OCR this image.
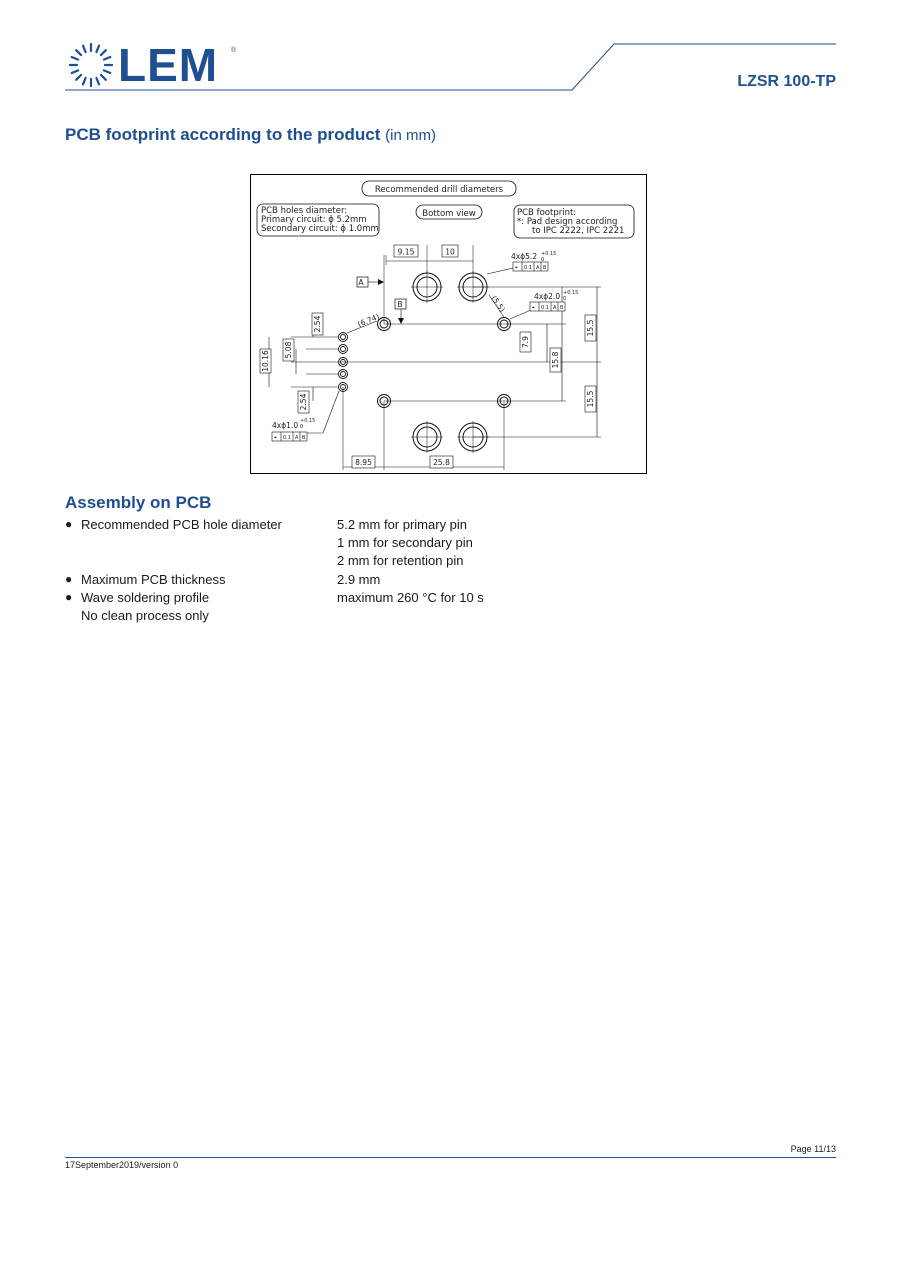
LEM ®
LZSR 100-TP
PCB footprint according to the product (in mm)
Recommended drill diameters
PCB holes diameter:
Primary circuit: ϕ 5.2mm
Secondary circuit: ϕ 1.0mm
Bottom view	PCB footprint:
*: Pad design according
to IPC 2222, IPC 2221
9.15	10
(6.74)
(5.5)
2.54
5.08
10.16
2.54
7.9
15.8
15.5
15.5
8.95	25.8
A
B
4xϕ5.2 +0.15
0
⌖ 0.1 A B
4xϕ2.0 +0.15
0
⌖ 0.1 A B
4xϕ1.0 +0.15
0
⌖ 0.1 A B
Assembly on PCB
● Recommended PCB hole diameter	5.2 mm for primary pin
1 mm for secondary pin
2 mm for retention pin
● Maximum PCB thickness	2.9 mm
● Wave soldering profile	maximum 260 °C for 10 s
No clean process only
Page 11/13
17September2019/version 0
